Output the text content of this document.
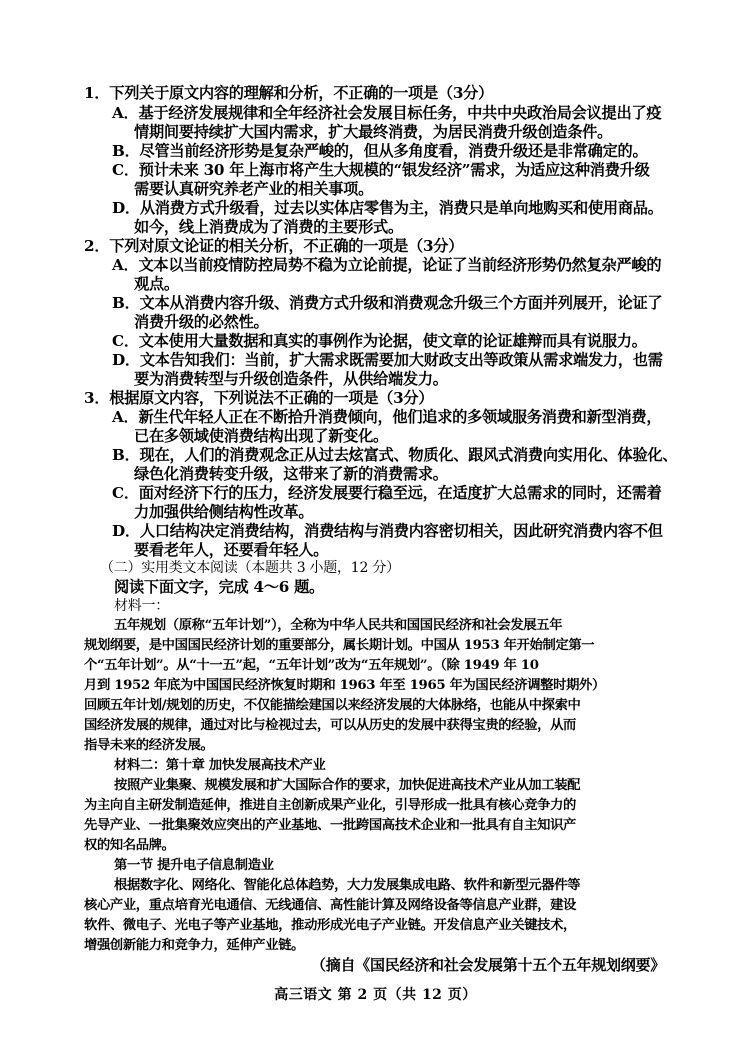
1．下列关于原文内容的理解和分析，不正确的一项是（3分）
A．基于经济发展规律和全年经济社会发展目标任务，中共中央政治局会议提出了疫
情期间要持续扩大国内需求，扩大最终消费，为居民消费升级创造条件。
B．尽管当前经济形势是复杂严峻的，但从多角度看，消费升级还是非常确定的。
C．预计未来 30 年上海市将产生大规模的“银发经济”需求，为适应这种消费升级
需要认真研究养老产业的相关事项。
D．从消费方式升级看，过去以实体店零售为主，消费只是单向地购买和使用商品。
如今，线上消费成为了消费的主要形式。
2．下列对原文论证的相关分析，不正确的一项是（3分）
A．文本以当前疫情防控局势不稳为立论前提，论证了当前经济形势仍然复杂严峻的
观点。
B．文本从消费内容升级、消费方式升级和消费观念升级三个方面并列展开，论证了
消费升级的必然性。
C．文本使用大量数据和真实的事例作为论据，使文章的论证雄辩而具有说服力。
D．文本告知我们：当前，扩大需求既需要加大财政支出等政策从需求端发力，也需
要为消费转型与升级创造条件，从供给端发力。
3．根据原文内容，下列说法不正确的一项是（3分）
A．新生代年轻人正在不断拾升消费倾向，他们追求的多领域服务消费和新型消费，
已在多领域使消费结构出现了新变化。
B．现在，人们的消费观念正从过去炫富式、物质化、跟风式消费向实用化、体验化、
绿色化消费转变升级，这带来了新的消费需求。
C．面对经济下行的压力，经济发展要行稳至远，在适度扩大总需求的同时，还需着
力加强供给侧结构性改革。
D．人口结构决定消费结构，消费结构与消费内容密切相关，因此研究消费内容不但
要看老年人，还要看年轻人。
（二）实用类文本阅读（本题共 3 小题，12 分）
阅读下面文字，完成 4～6 题。
材料一：
五年规划（原称“五年计划”），全称为中华人民共和国国民经济和社会发展五年
规划纲要，是中国国民经济计划的重要部分，属长期计划。中国从 1953 年开始制定第一
个“五年计划”。从“十一五”起，“五年计划”改为“五年规划”。（除 1949 年 10
月到 1952 年底为中国国民经济恢复时期和 1963 年至 1965 年为国民经济调整时期外）
回顾五年计划/规划的历史，不仅能描绘建国以来经济发展的大体脉络，也能从中探索中
国经济发展的规律，通过对比与检视过去，可以从历史的发展中获得宝贵的经验，从而
指导未来的经济发展。
材料二：第十章 加快发展高技术产业
按照产业集聚、规模发展和扩大国际合作的要求，加快促进高技术产业从加工装配
为主向自主研发制造延伸，推进自主创新成果产业化，引导形成一批具有核心竞争力的
先导产业、一批集聚效应突出的产业基地、一批跨国高技术企业和一批具有自主知识产
权的知名品牌。
第一节 提升电子信息制造业
根据数字化、网络化、智能化总体趋势，大力发展集成电路、软件和新型元器件等
核心产业，重点培育光电通信、无线通信、高性能计算及网络设备等信息产业群，建设
软件、微电子、光电子等产业基地，推动形成光电子产业链。开发信息产业关键技术，
增强创新能力和竞争力，延伸产业链。
（摘自《国民经济和社会发展第十五个五年规划纲要》
高三语文 第 2 页（共 12 页）
